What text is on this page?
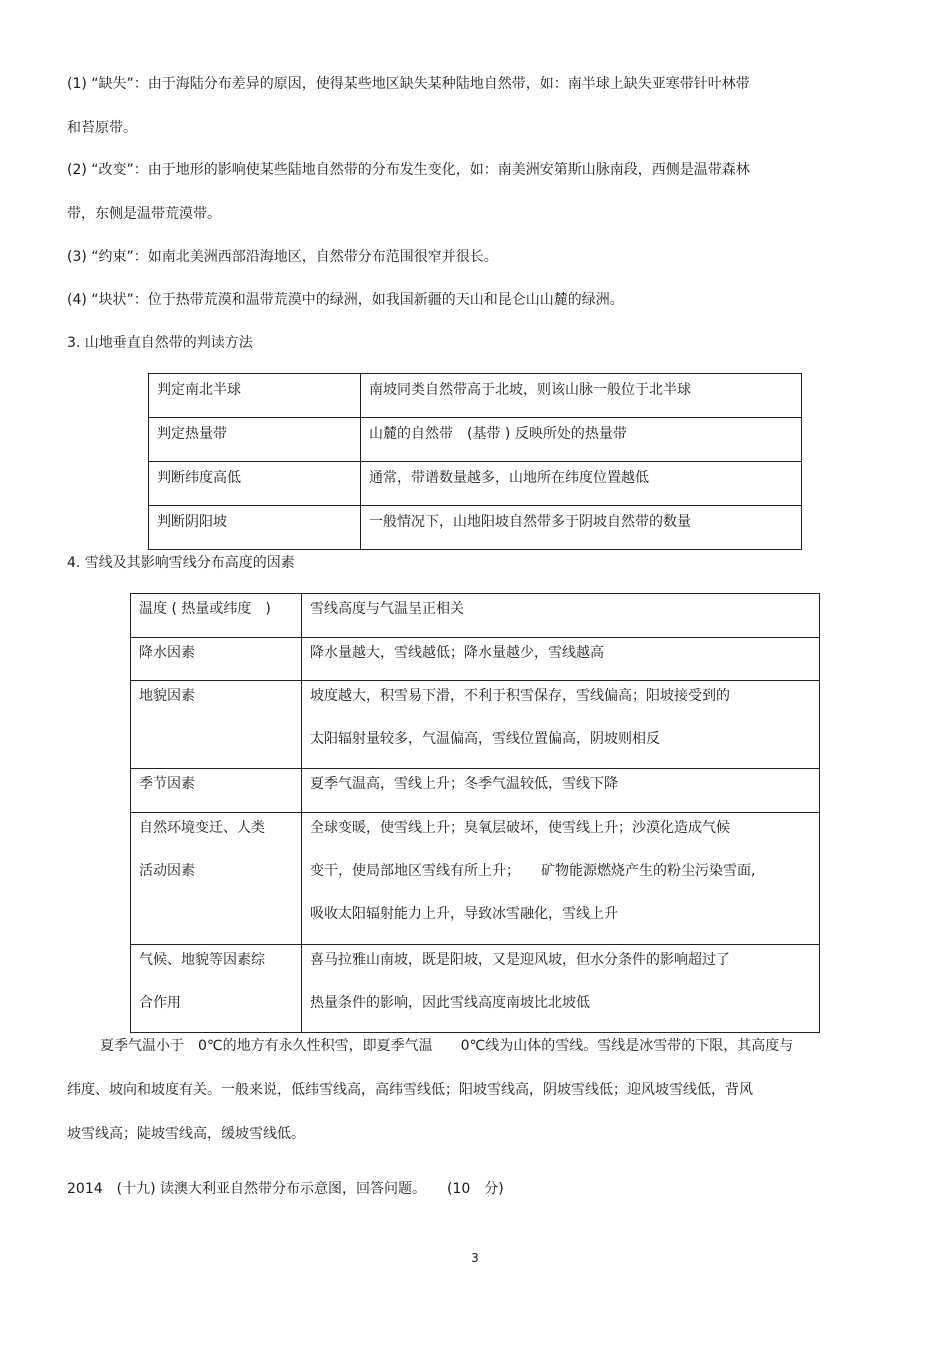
(1) “缺失”：由于海陆分布差异的原因，使得某些地区缺失某种陆地自然带，如：南半球上缺失亚寒带针叶林带
和苔原带。
(2) “改变”：由于地形的影响使某些陆地自然带的分布发生变化，如：南美洲安第斯山脉南段，西侧是温带森林
带，东侧是温带荒漠带。
(3) “约束”：如南北美洲西部沿海地区，自然带分布范围很窄并很长。
(4) “块状”：位于热带荒漠和温带荒漠中的绿洲，如我国新疆的天山和昆仑山山麓的绿洲。
3. 山地垂直自然带的判读方法
判定南北半球	南坡同类自然带高于北坡，则该山脉一般位于北半球

判定热量带	山麓的自然带　(基带 ) 反映所处的热量带

判断纬度高低	通常，带谱数量越多，山地所在纬度位置越低

判断阴阳坡	一般情况下，山地阳坡自然带多于阴坡自然带的数量
4. 雪线及其影响雪线分布高度的因素
温度 ( 热量或纬度　)	雪线高度与气温呈正相关

降水因素	降水量越大，雪线越低；降水量越少，雪线越高

地貌因素	坡度越大，积雪易下滑，不利于积雪保存，雪线偏高；阳坡接受到的
太阳辐射量较多，气温偏高，雪线位置偏高，阴坡则相反

季节因素	夏季气温高，雪线上升；冬季气温较低，雪线下降

自然环境变迁、人类
活动因素	全球变暖，使雪线上升；臭氧层破坏，使雪线上升；沙漠化造成气候
变干，使局部地区雪线有所上升；　　矿物能源燃烧产生的粉尘污染雪面,
吸收太阳辐射能力上升，导致冰雪融化，雪线上升

气候、地貌等因素综
合作用	喜马拉雅山南坡，既是阳坡，又是迎风坡，但水分条件的影响超过了
热量条件的影响，因此雪线高度南坡比北坡低
夏季气温小于　0℃的地方有永久性积雪，即夏季气温　　0℃线为山体的雪线。雪线是冰雪带的下限，其高度与
纬度、坡向和坡度有关。一般来说，低纬雪线高，高纬雪线低；阳坡雪线高，阴坡雪线低；迎风坡雪线低，背风
坡雪线高；陡坡雪线高，缓坡雪线低。
2014　(十九) 读澳大利亚自然带分布示意图，回答问题。　　(10　分)
3
